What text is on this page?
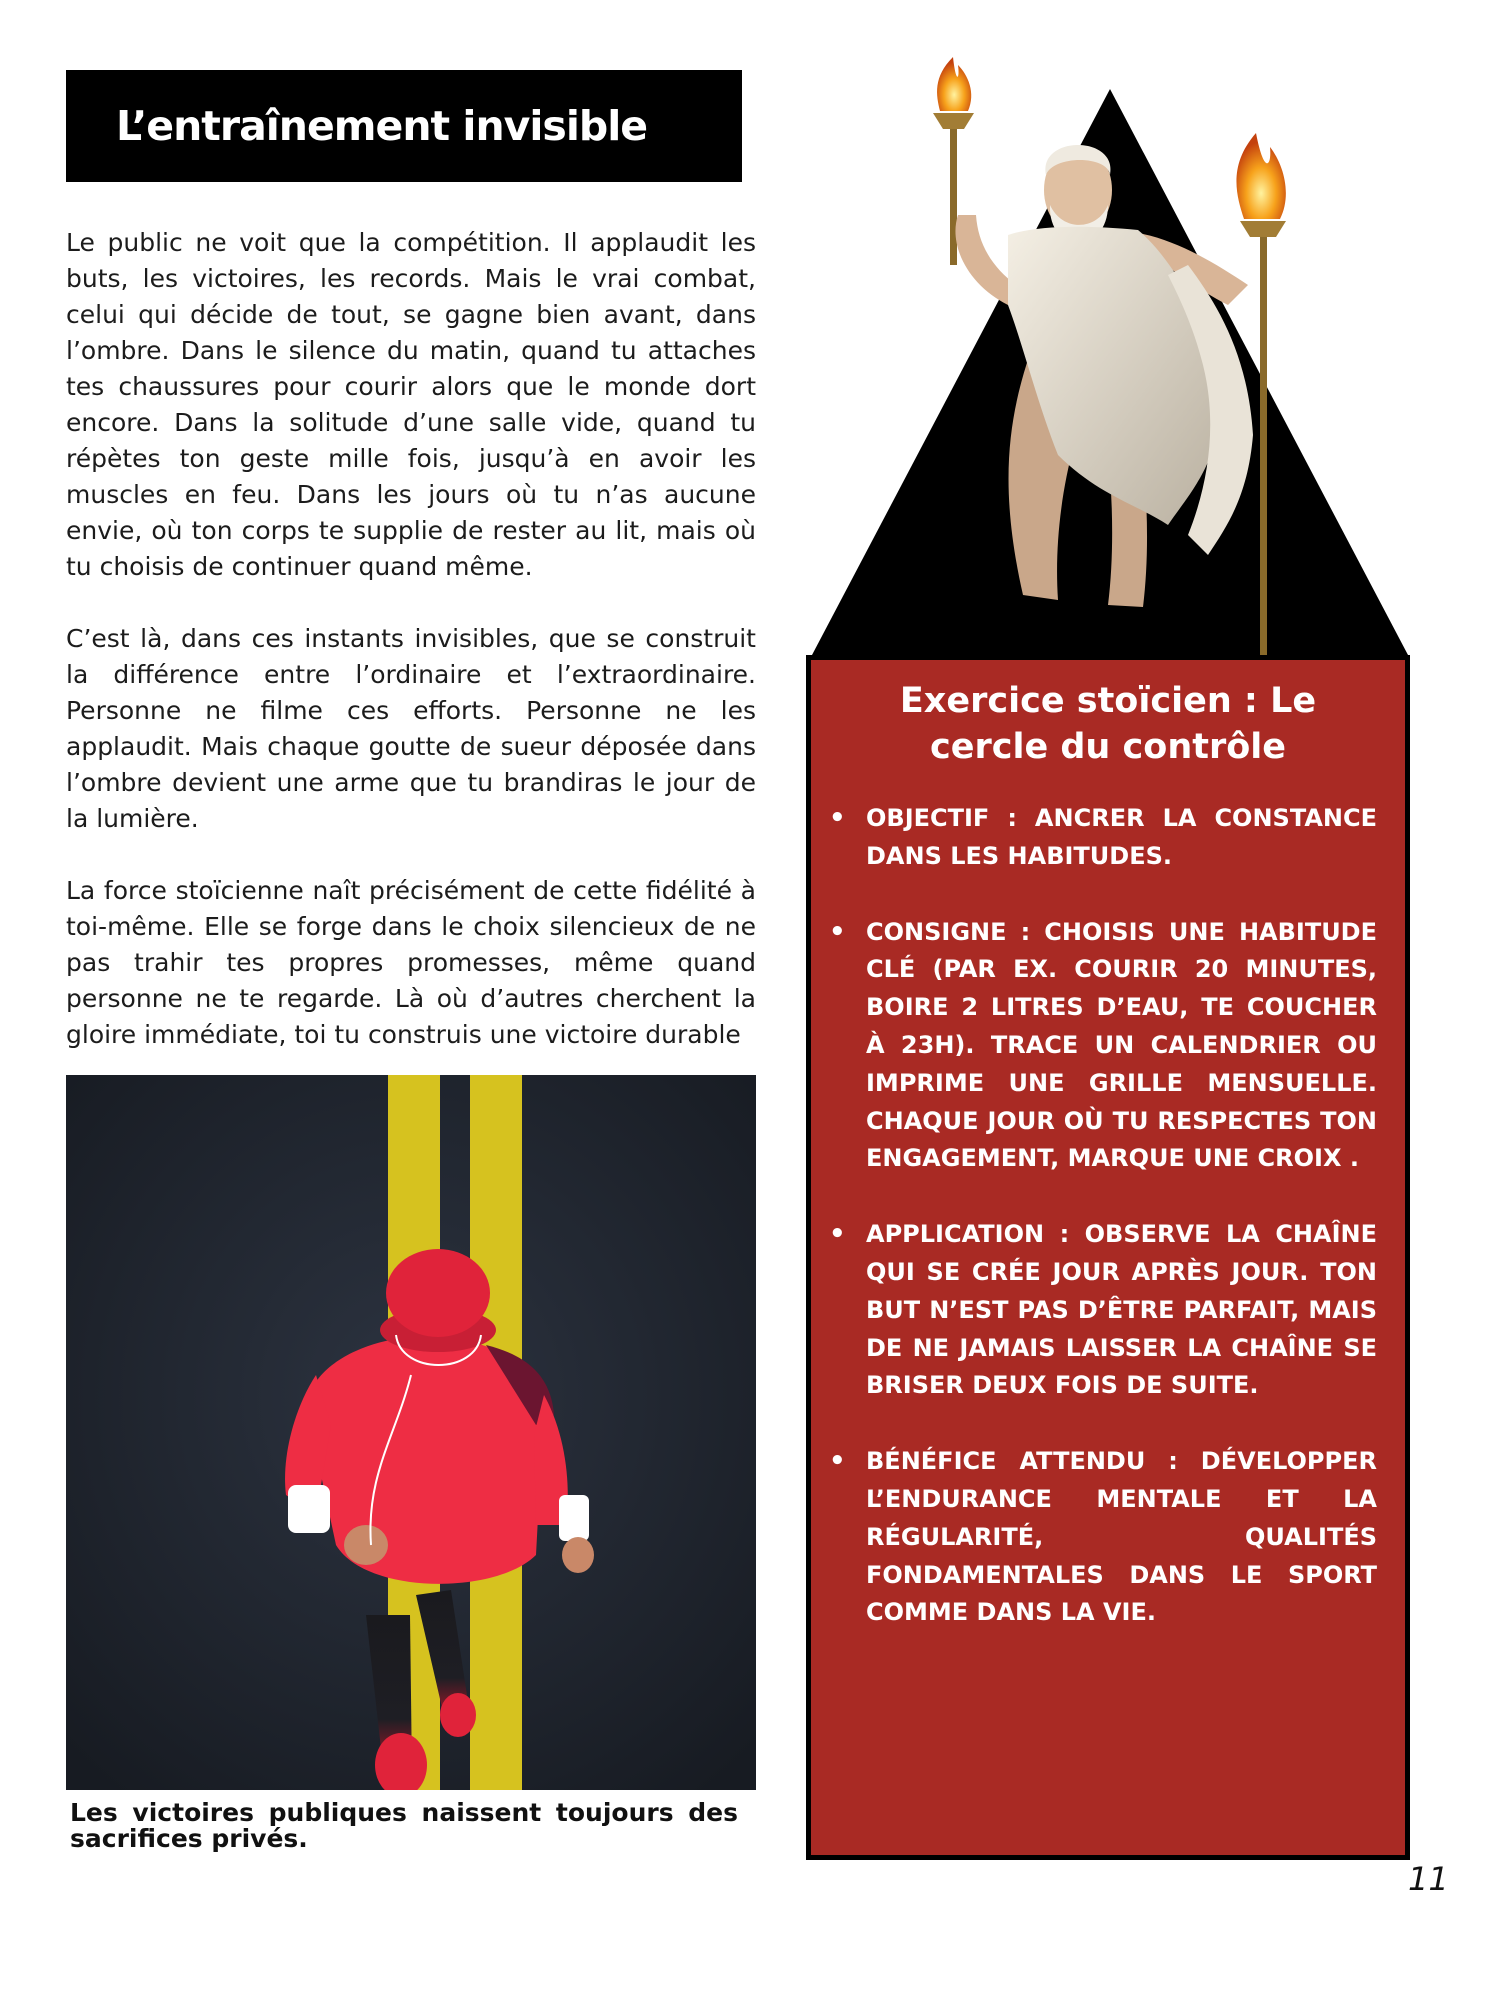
L’entraînement invisible

Le public ne voit que la compétition. Il applaudit les buts, les victoires, les records. Mais le vrai combat, celui qui décide de tout, se gagne bien avant, dans l’ombre. Dans le silence du matin, quand tu attaches tes chaussures pour courir alors que le monde dort encore. Dans la solitude d’une salle vide, quand tu répètes ton geste mille fois, jusqu’à en avoir les muscles en feu. Dans les jours où tu n’as aucune envie, où ton corps te supplie de rester au lit, mais où tu choisis de continuer quand même.

C’est là, dans ces instants invisibles, que se construit la différence entre l’ordinaire et l’extraordinaire. Personne ne filme ces efforts. Personne ne les applaudit. Mais chaque goutte de sueur déposée dans l’ombre devient une arme que tu brandiras le jour de la lumière.

La force stoïcienne naît précisément de cette fidélité à toi-même. Elle se forge dans le choix silencieux de ne pas trahir tes propres promesses, même quand personne ne te regarde. Là où d’autres cherchent la gloire immédiate, toi tu construis une victoire durable

Les victoires publiques naissent toujours des sacrifices privés.
Exercice stoïcien : Le cercle du contrôle
• OBJECTIF : ANCRER LA CONSTANCE DANS LES HABITUDES.
• CONSIGNE : CHOISIS UNE HABITUDE CLÉ (PAR EX. COURIR 20 MINUTES, BOIRE 2 LITRES D’EAU, TE COUCHER À 23H). TRACE UN CALENDRIER OU IMPRIME UNE GRILLE MENSUELLE. CHAQUE JOUR OÙ TU RESPECTES TON ENGAGEMENT, MARQUE UNE CROIX .
• APPLICATION : OBSERVE LA CHAÎNE QUI SE CRÉE JOUR APRÈS JOUR. TON BUT N’EST PAS D’ÊTRE PARFAIT, MAIS DE NE JAMAIS LAISSER LA CHAÎNE SE BRISER DEUX FOIS DE SUITE.
• BÉNÉFICE ATTENDU : DÉVELOPPER L’ENDURANCE MENTALE ET LA RÉGULARITÉ, QUALITÉS FONDAMENTALES DANS LE SPORT COMME DANS LA VIE.
11
